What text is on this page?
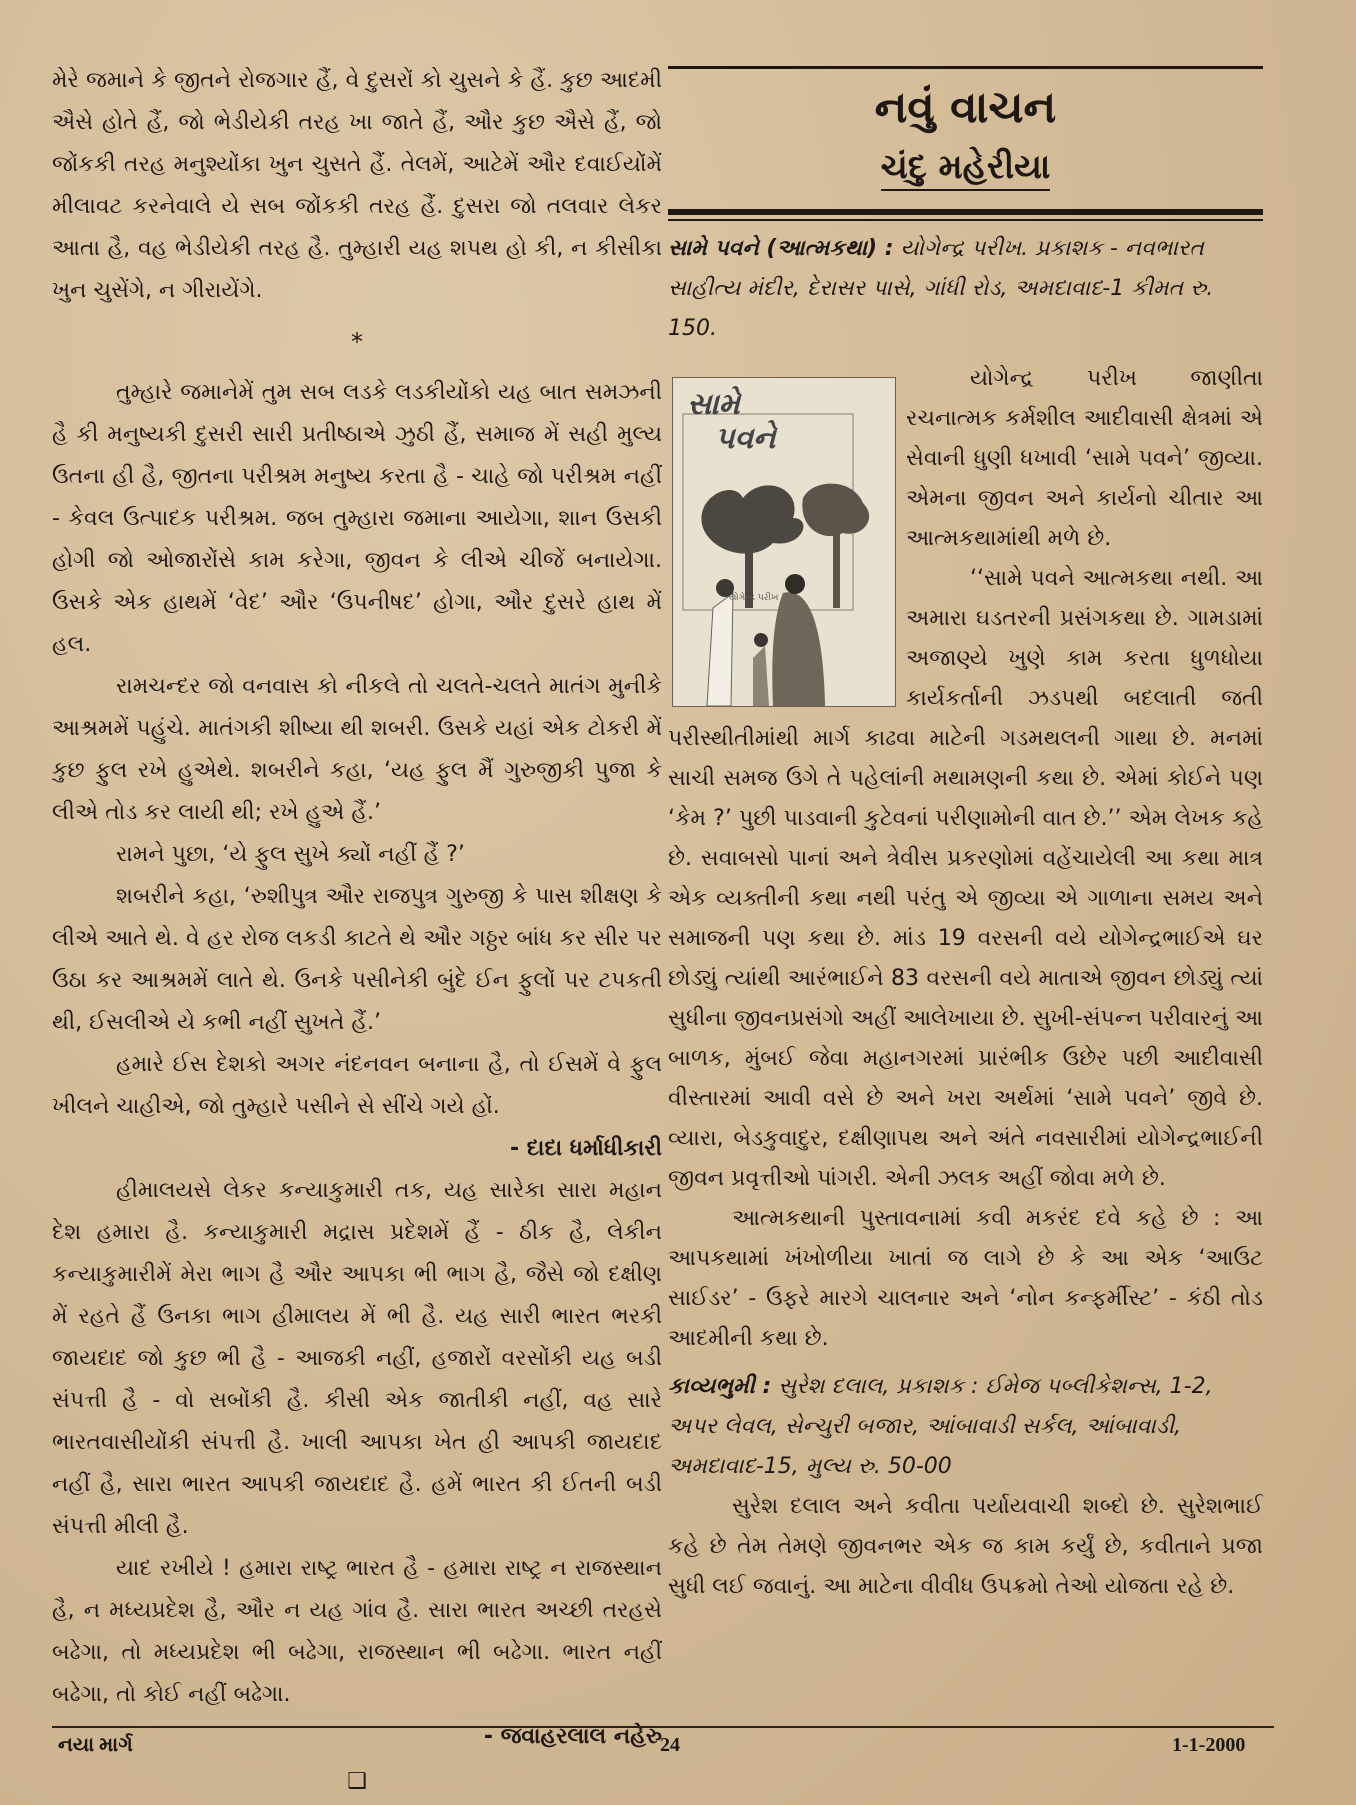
મેરે જમાને કે જીતને રોજગાર હૈં, વે દુસરોં કો ચુસને કે હૈં. કુછ આદમી ઐસે હોતે હૈં, જો ભેડીયેકી તરહ ખા જાતે હૈં, ઔર કુછ ઐસે હૈં, જો જોંકકી તરહ મનુશ્યોંકા ખુન ચુસતે હૈં. તેલમેં, આટેમેં ઔર દવાઈયોંમેં મીલાવટ કરનેવાલે યે સબ જોંકકી તરહ હૈં. દુસરા જો તલવાર લેકર આતા હૈ, વહ ભેડીયેકી તરહ હૈ. તુમ્હારી યહ શપથ હો કી, ન કીસીકા ખુન ચુસેંગે, ન ગીરાયેંગે.

*

તુમ્હારે જમાનેમેં તુમ સબ લડકે લડકીયોંકો યહ બાત સમઝની હૈ કી મનુષ્યકી દુસરી સારી પ્રતીષ્ઠાએ ઝુઠી હૈં, સમાજ મેં સહી મુલ્ય ઉતના હી હૈ, જીતના પરીશ્રમ મનુષ્ય કરતા હૈ - ચાહે જો પરીશ્રમ નહીં - કેવલ ઉત્પાદક પરીશ્રમ. જબ તુમ્હારા જમાના આયેગા, શાન ઉસકી હોગી જો ઓજારોંસે કામ કરેગા, જીવન કે લીએ ચીજેં બનાયેગા. ઉસકે એક હાથમેં ‘વેદ’ ઔર ‘ઉપનીષદ’ હોગા, ઔર દુસરે હાથ મેં હલ.

રામચન્દર જો વનવાસ કો નીકલે તો ચલતે-ચલતે માતંગ મુનીકે આશ્રમમેં પહુંચે. માતંગકી શીષ્યા થી શબરી. ઉસકે યહાં એક ટોકરી મેં કુછ ફુલ રખે હુએથે. શબરીને કહા, ‘યહ ફુલ મૈં ગુરુજીકી પુજા કે લીએ તોડ કર લાયી થી; રખે હુએ હૈં.’

રામને પુછા, ‘યે ફુલ સુખે ક્યોં નહીં હૈં ?’

શબરીને કહા, ‘રુશીપુત્ર ઔર રાજપુત્ર ગુરુજી કે પાસ શીક્ષણ કે લીએ આતે થે. વે હર રોજ લકડી કાટતે થે ઔર ગઠ્ઠર બાંધ કર સીર પર ઉઠા કર આશ્રમમેં લાતે થે. ઉનકે પસીનેકી બુંદે ઈન ફુલોં પર ટપકતી થી, ઈસલીએ યે કભી નહીં સુખતે હૈં.’

હમારે ઈસ દેશકો અગર નંદનવન બનાના હૈ, તો ઈસમેં વે ફુલ ખીલને ચાહીએ, જો તુમ્હારે પસીને સે સીંચે ગયે હોં.

- દાદા ધર્માધીકારી

હીમાલયસે લેકર કન્યાકુમારી તક, યહ સારેકા સારા મહાન દેશ હમારા હૈ. કન્યાકુમારી મદ્રાસ પ્રદેશમેં હૈં - ઠીક હૈ, લેકીન કન્યાકુમારીમેં મેરા ભાગ હૈ ઔર આપકા ભી ભાગ હૈ, જૈસે જો દક્ષીણ મેં રહતે હૈં ઉનકા ભાગ હીમાલય મેં ભી હૈ. યહ સારી ભારત ભરકી જાયદાદ જો કુછ ભી હૈ - આજકી નહીં, હજારોં વરસોંકી યહ બડી સંપત્તી હૈ - વો સબોંકી હૈ. કીસી એક જાતીકી નહીં, વહ સારે ભારતવાસીયોંકી સંપત્તી હૈ. ખાલી આપકા ખેત હી આપકી જાયદાદ નહીં હૈ, સારા ભારત આપકી જાયદાદ હૈ. હમેં ભારત કી ઈતની બડી સંપત્તી મીલી હૈ.

યાદ રખીયે ! હમારા રાષ્ટ્ર ભારત હૈ - હમારા રાષ્ટ્ર ન રાજસ્થાન હૈ, ન મધ્યપ્રદેશ હૈ, ઔર ન યહ ગાંવ હૈ. સારા ભારત અચ્છી તરહસે બઢેગા, તો મધ્યપ્રદેશ ભી બઢેગા, રાજસ્થાન ભી બઢેગા. ભારત નહીં બઢેગા, તો કોઈ નહીં બઢેગા.

- જવાહરલાલ નહેરુ

❑
નવું વાચન
ચંદુ મહેરીયા
સામે પવને (આત્મકથા) : યોગેન્દ્ર પરીખ. પ્રકાશક - નવભારત સાહીત્ય મંદીર, દેરાસર પાસે, ગાંધી રોડ, અમદાવાદ-1 કીમત રુ. 150.
સામે
પવને
યોગેન્દ્ર પરીખ

યોગેન્દ્ર પરીખ જાણીતા રચનાત્મક કર્મશીલ આદીવાસી ક્ષેત્રમાં એ સેવાની ધુણી ધખાવી ‘સામે પવને’ જીવ્યા. એમના જીવન અને કાર્યનો ચીતાર આ આત્મકથામાંથી મળે છે.

‘‘સામે પવને આત્મકથા નથી. આ અમારા ઘડતરની પ્રસંગકથા છે. ગામડામાં અજાણ્યે ખુણે કામ કરતા ધુળધોયા કાર્યકર્તાની ઝડપથી બદલાતી જતી પરીસ્થીતીમાંથી માર્ગ કાઢવા માટેની ગડમથલની ગાથા છે. મનમાં સાચી સમજ ઉગે તે પહેલાંની મથામણની કથા છે. એમાં કોઈને પણ ‘કેમ ?’ પુછી પાડવાની કુટેવનાં પરીણામોની વાત છે.’’ એમ લેખક કહે છે. સવાબસો પાનાં અને ત્રેવીસ પ્રકરણોમાં વહેંચાયેલી આ કથા માત્ર એક વ્યક્તીની કથા નથી પરંતુ એ જીવ્યા એ ગાળાના સમય અને સમાજની પણ કથા છે. માંડ 19 વરસની વયે યોગેન્દ્રભાઈએ ઘર છોડ્યું ત્યાંથી આરંભાઈને 83 વરસની વયે માતાએ જીવન છોડ્યું ત્યાં સુધીના જીવનપ્રસંગો અહીં આલેખાયા છે. સુખી-સંપન્ન પરીવારનું આ બાળક, મુંબઈ જેવા મહાનગરમાં પ્રારંભીક ઉછેર પછી આદીવાસી વીસ્તારમાં આવી વસે છે અને ખરા અર્થમાં ‘સામે પવને’ જીવે છે. વ્યારા, બેડકુવાદુર, દક્ષીણાપથ અને અંતે નવસારીમાં યોગેન્દ્રભાઈની જીવન પ્રવૃત્તીઓ પાંગરી. એની ઝલક અહીં જોવા મળે છે.

આત્મકથાની પુસ્તાવનામાં કવી મકરંદ દવે કહે છે : આ આપકથામાં ખંખોળીયા ખાતાં જ લાગે છે કે આ એક ‘આઉટ સાઈડર’ - ઉફરે મારગે ચાલનાર અને ‘નોન કન્ફર્મીસ્ટ’ - કંઠી તોડ આદમીની કથા છે.

કાવ્યભુમી : સુરેશ દલાલ, પ્રકાશક : ઈમેજ પબ્લીકેશન્સ, 1-2, અપર લેવલ, સેન્ચુરી બજાર, આંબાવાડી સર્કલ, આંબાવાડી, અમદાવાદ-15, મુલ્ય રુ. 50-00

સુરેશ દલાલ અને કવીતા પર્યાયવાચી શબ્દો છે. સુરેશભાઈ કહે છે તેમ તેમણે જીવનભર એક જ કામ કર્યું છે, કવીતાને પ્રજા સુધી લઈ જવાનું. આ માટેના વીવીધ ઉપક્રમો તેઓ યોજતા રહે છે.

નયા માર્ગ	24	1-1-2000
